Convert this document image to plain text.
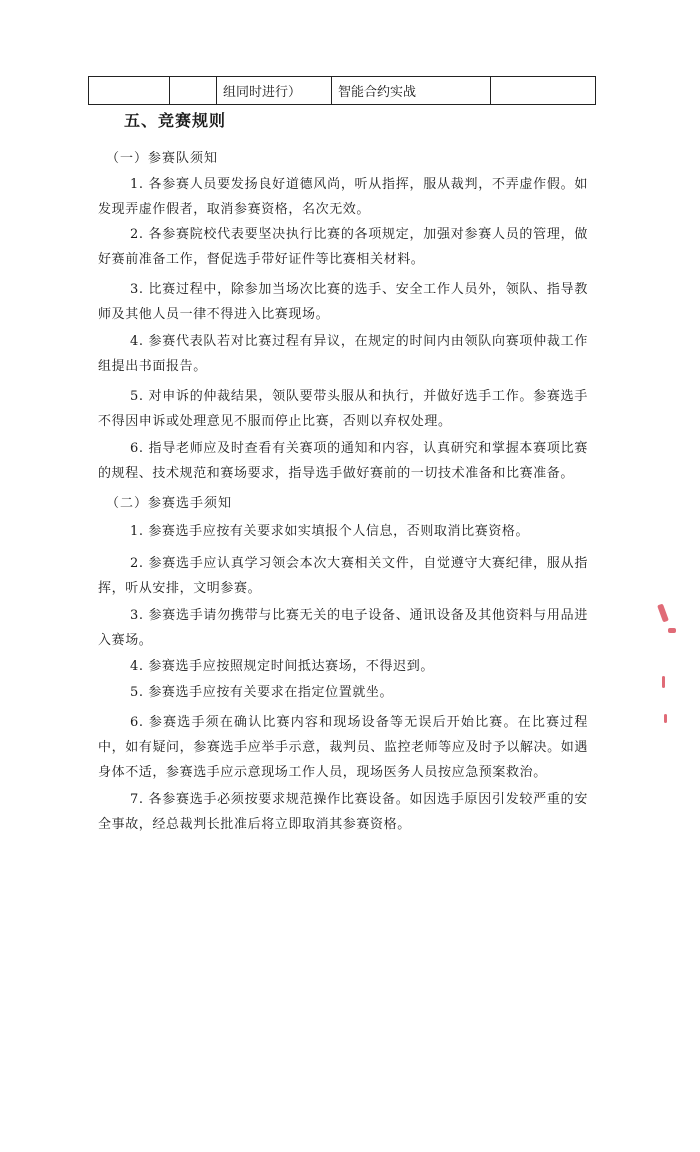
		组同时进行）	智能合约实战	
五、竞赛规则
（一）参赛队须知
1. 各参赛人员要发扬良好道德风尚，听从指挥，服从裁判，不弄虚作假。如发现弄虚作假者，取消参赛资格，名次无效。
2. 各参赛院校代表要坚决执行比赛的各项规定，加强对参赛人员的管理，做好赛前准备工作，督促选手带好证件等比赛相关材料。
3. 比赛过程中，除参加当场次比赛的选手、安全工作人员外，领队、指导教师及其他人员一律不得进入比赛现场。
4. 参赛代表队若对比赛过程有异议，在规定的时间内由领队向赛项仲裁工作组提出书面报告。
5. 对申诉的仲裁结果，领队要带头服从和执行，并做好选手工作。参赛选手不得因申诉或处理意见不服而停止比赛，否则以弃权处理。
6. 指导老师应及时查看有关赛项的通知和内容，认真研究和掌握本赛项比赛的规程、技术规范和赛场要求，指导选手做好赛前的一切技术准备和比赛准备。
（二）参赛选手须知
1. 参赛选手应按有关要求如实填报个人信息，否则取消比赛资格。
2. 参赛选手应认真学习领会本次大赛相关文件，自觉遵守大赛纪律，服从指挥，听从安排，文明参赛。
3. 参赛选手请勿携带与比赛无关的电子设备、通讯设备及其他资料与用品进入赛场。
4. 参赛选手应按照规定时间抵达赛场，不得迟到。
5. 参赛选手应按有关要求在指定位置就坐。
6. 参赛选手须在确认比赛内容和现场设备等无误后开始比赛。在比赛过程中，如有疑问，参赛选手应举手示意，裁判员、监控老师等应及时予以解决。如遇身体不适，参赛选手应示意现场工作人员，现场医务人员按应急预案救治。
7. 各参赛选手必须按要求规范操作比赛设备。如因选手原因引发较严重的安全事故，经总裁判长批准后将立即取消其参赛资格。
